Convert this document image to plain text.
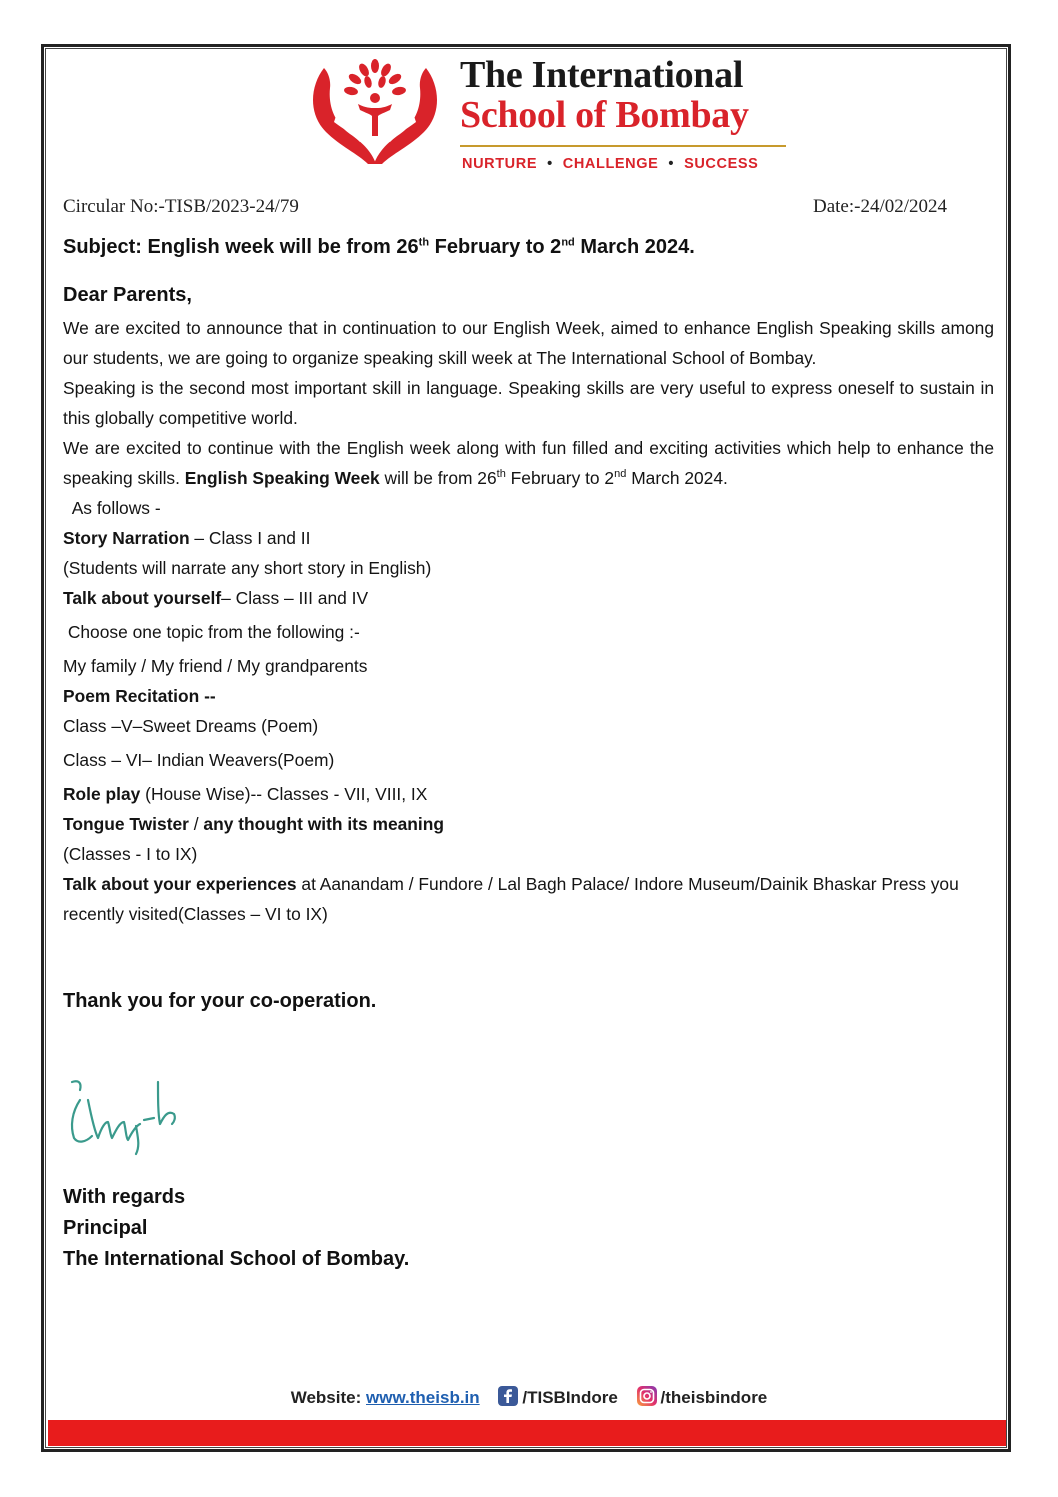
The International
School of Bombay
NURTURE • CHALLENGE • SUCCESS
Circular No:-TISB/2023-24/79	Date:-24/02/2024
Subject: English week will be from 26th February to 2nd March 2024.
Dear Parents,

We are excited to announce that in continuation to our English Week, aimed to enhance English Speaking skills among our students, we are going to organize speaking skill week at The International School of Bombay.

Speaking is the second most important skill in language. Speaking skills are very useful to express oneself to sustain in this globally competitive world.

We are excited to continue with the English week along with fun filled and exciting activities which help to enhance the speaking skills. English Speaking Week will be from 26th February to 2nd March 2024.

As follows -

Story Narration – Class I and II

(Students will narrate any short story in English)

Talk about yourself– Class – III and IV

Choose one topic from the following :-

My family / My friend / My grandparents

Poem Recitation --

Class –V–Sweet Dreams (Poem)

Class – VI– Indian Weavers(Poem)

Role play (House Wise)-- Classes - VII, VIII, IX

Tongue Twister / any thought with its meaning

(Classes - I to IX)

Talk about your experiences at Aanandam / Fundore / Lal Bagh Palace/ Indore Museum/Dainik Bhaskar Press you recently visited(Classes – VI to IX)

Thank you for your co-operation.
With regards
Principal
The International School of Bombay.
Website: www.theisb.in	/TISBIndore	/theisbindore
